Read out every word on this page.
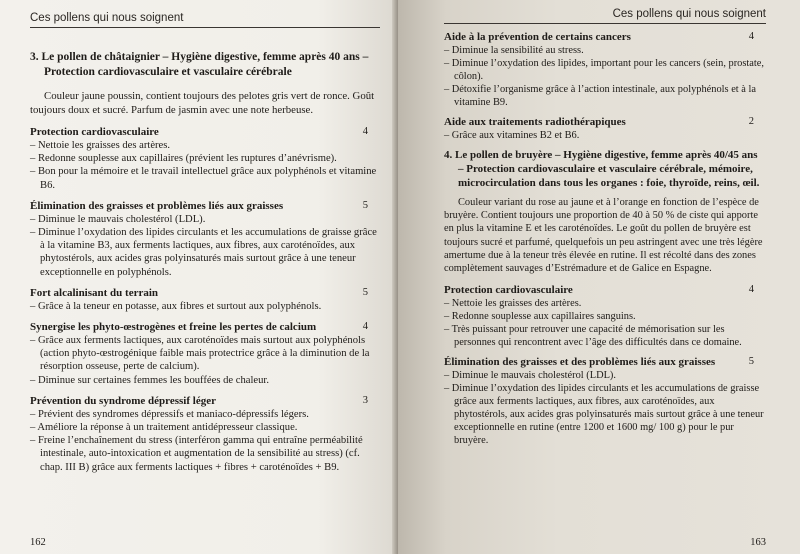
Ces pollens qui nous soignent
3. Le pollen de châtaignier – Hygiène digestive, femme après 40 ans –
Protection cardiovasculaire et vasculaire cérébrale

Couleur jaune poussin, contient toujours des pelotes gris vert de ronce. Goût toujours doux et sucré. Parfum de jasmin avec une note herbeuse.

Protection cardiovasculaire	4
– Nettoie les graisses des artères.
– Redonne souplesse aux capillaires (prévient les ruptures d’anévrisme).
– Bon pour la mémoire et le travail intellectuel grâce aux polyphénols et vitamine B6.
Élimination des graisses et problèmes liés aux graisses	5
– Diminue le mauvais cholestérol (LDL).
– Diminue l’oxydation des lipides circulants et les accumulations de graisse grâce à la vitamine B3, aux ferments lactiques, aux fibres, aux caroténoïdes, aux phytostérols, aux acides gras polyinsaturés mais surtout grâce à une teneur exceptionnelle en polyphénols.
Fort alcalinisant du terrain	5
– Grâce à la teneur en potasse, aux fibres et surtout aux polyphénols.
Synergise les phyto-œstrogènes et freine les pertes de calcium	4
– Grâce aux ferments lactiques, aux caroténoïdes mais surtout aux polyphénols (action phyto-œstrogénique faible mais protectrice grâce à la diminution de la résorption osseuse, perte de calcium).
– Diminue sur certaines femmes les bouffées de chaleur.
Prévention du syndrome dépressif léger	3
– Prévient des syndromes dépressifs et maniaco-dépressifs légers.
– Améliore la réponse à un traitement antidépresseur classique.
– Freine l’enchaînement du stress (interféron gamma qui entraîne perméabilité intestinale, auto-intoxication et augmentation de la sensibilité au stress) (cf. chap. III B) grâce aux ferments lactiques + fibres + caroténoïdes + B9.
162
Ces pollens qui nous soignent
Aide à la prévention de certains cancers	4
– Diminue la sensibilité au stress.
– Diminue l’oxydation des lipides, important pour les cancers (sein, prostate, côlon).
– Détoxifie l’organisme grâce à l’action intestinale, aux polyphénols et à la vitamine B9.
Aide aux traitements radiothérapiques	2
– Grâce aux vitamines B2 et B6.
4. Le pollen de bruyère – Hygiène digestive, femme après 40/45 ans
– Protection cardiovasculaire et vasculaire cérébrale, mémoire, microcirculation dans tous les organes : foie, thyroïde, reins, œil.

Couleur variant du rose au jaune et à l’orange en fonction de l’espèce de bruyère. Contient toujours une proportion de 40 à 50 % de ciste qui apporte en plus la vitamine E et les caroténoïdes. Le goût du pollen de bruyère est toujours sucré et parfumé, quelquefois un peu astringent avec une très légère amertume due à la teneur très élevée en rutine. Il est récolté dans des zones complètement sauvages d’Estrémadure et de Galice en Espagne.

Protection cardiovasculaire	4
– Nettoie les graisses des artères.
– Redonne souplesse aux capillaires sanguins.
– Très puissant pour retrouver une capacité de mémorisation sur les personnes qui rencontrent avec l’âge des difficultés dans ce domaine.
Élimination des graisses et des problèmes liés aux graisses	5
– Diminue le mauvais cholestérol (LDL).
– Diminue l’oxydation des lipides circulants et les accumulations de graisse grâce aux ferments lactiques, aux fibres, aux caroténoïdes, aux phytostérols, aux acides gras polyinsaturés mais surtout grâce à une teneur exceptionnelle en rutine (entre 1200 et 1600 mg/ 100 g) pour le pur bruyère.
163
